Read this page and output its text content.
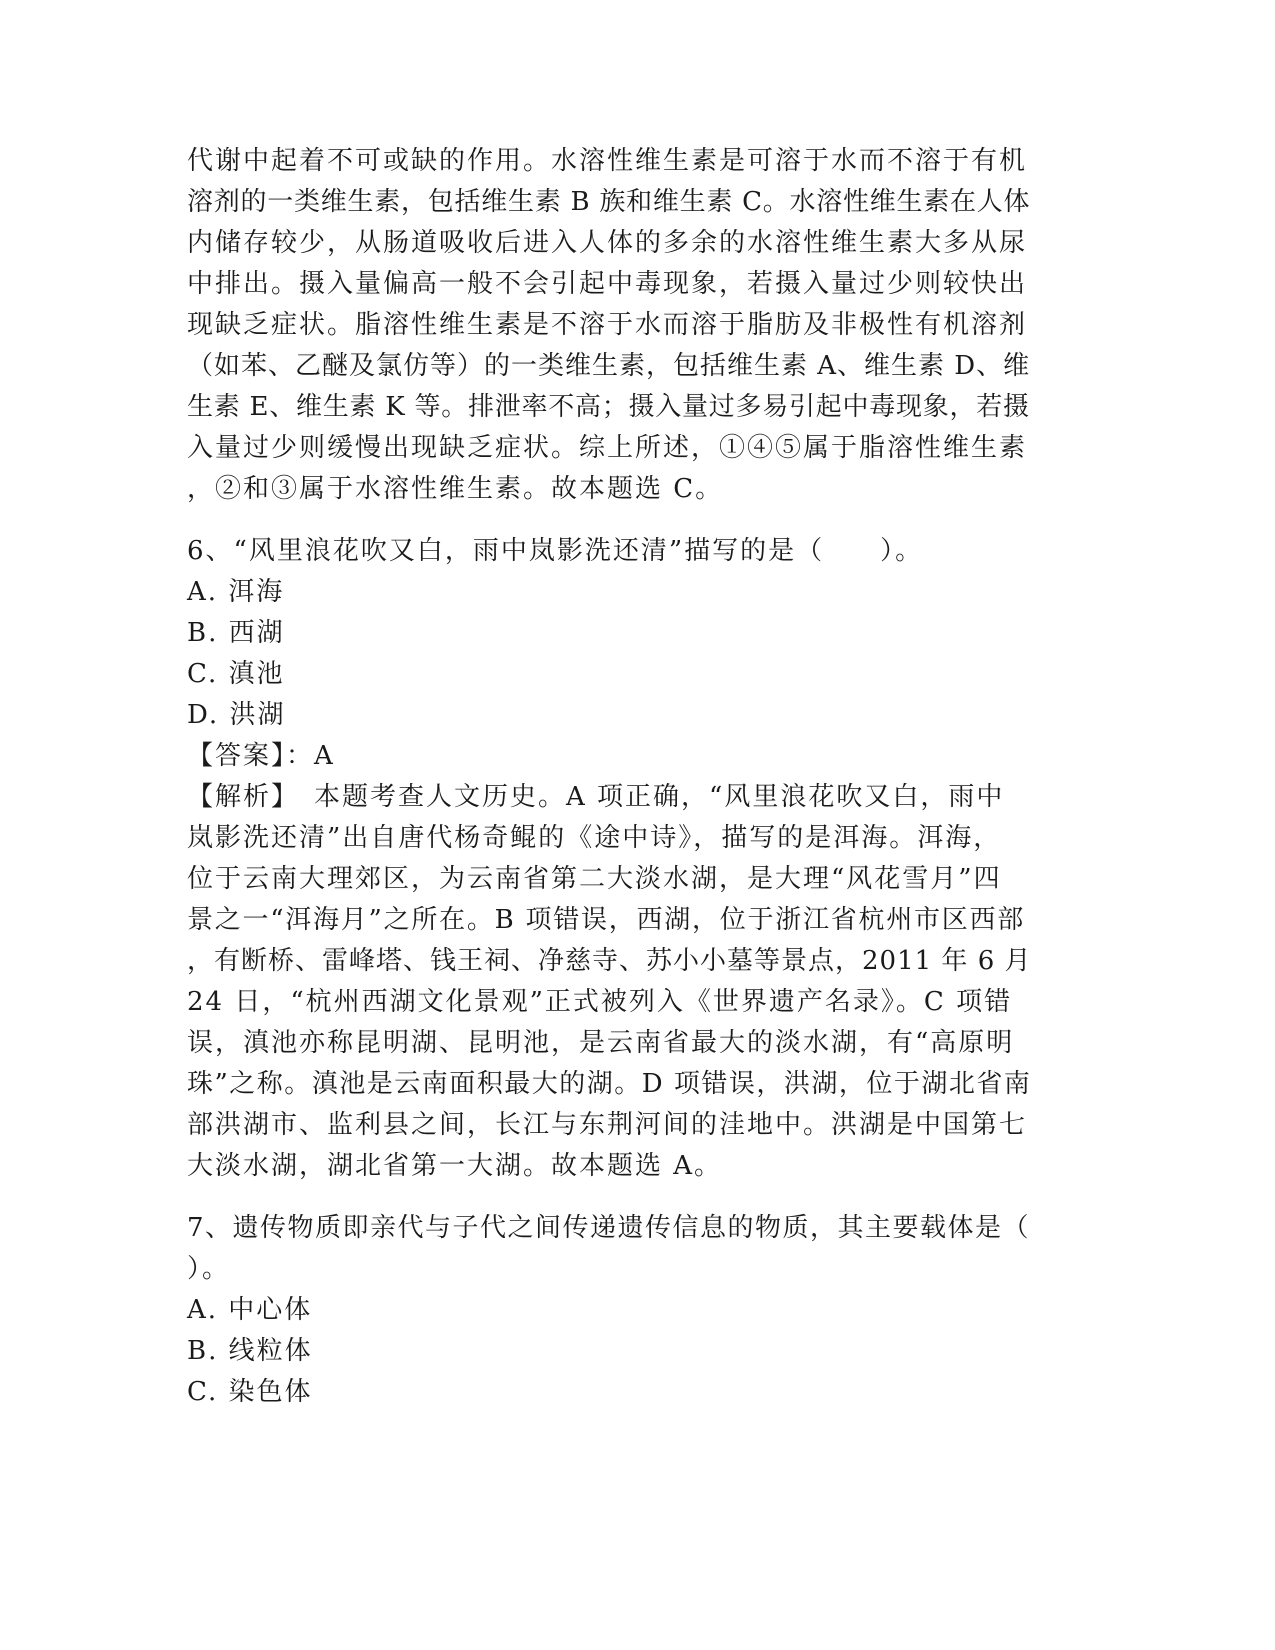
代谢中起着不可或缺的作用。水溶性维生素是可溶于水而不溶于有机
溶剂的一类维生素，包括维生素 B 族和维生素 C。水溶性维生素在人体
内储存较少，从肠道吸收后进入人体的多余的水溶性维生素大多从尿
中排出。摄入量偏高一般不会引起中毒现象，若摄入量过少则较快出
现缺乏症状。脂溶性维生素是不溶于水而溶于脂肪及非极性有机溶剂
（如苯、乙醚及氯仿等）的一类维生素，包括维生素 A、维生素 D、维
生素 E、维生素 K 等。排泄率不高；摄入量过多易引起中毒现象，若摄
入量过少则缓慢出现缺乏症状。综上所述，①④⑤属于脂溶性维生素
，②和③属于水溶性维生素。故本题选 C。
6、“风里浪花吹又白，雨中岚影洗还清”描写的是（　　）。
A. 洱海
B. 西湖
C. 滇池
D. 洪湖
【答案】：A
【解析】　本题考查人文历史。A 项正确，“风里浪花吹又白，雨中
岚影洗还清”出自唐代杨奇鲲的《途中诗》，描写的是洱海。洱海，
位于云南大理郊区，为云南省第二大淡水湖，是大理“风花雪月”四
景之一“洱海月”之所在。B 项错误，西湖，位于浙江省杭州市区西部
，有断桥、雷峰塔、钱王祠、净慈寺、苏小小墓等景点，2011 年 6 月
24 日，“杭州西湖文化景观”正式被列入《世界遗产名录》。C 项错
误，滇池亦称昆明湖、昆明池，是云南省最大的淡水湖，有“高原明
珠”之称。滇池是云南面积最大的湖。D 项错误，洪湖，位于湖北省南
部洪湖市、监利县之间，长江与东荆河间的洼地中。洪湖是中国第七
大淡水湖，湖北省第一大湖。故本题选 A。
7、遗传物质即亲代与子代之间传递遗传信息的物质，其主要载体是（
）。
A. 中心体
B. 线粒体
C. 染色体
